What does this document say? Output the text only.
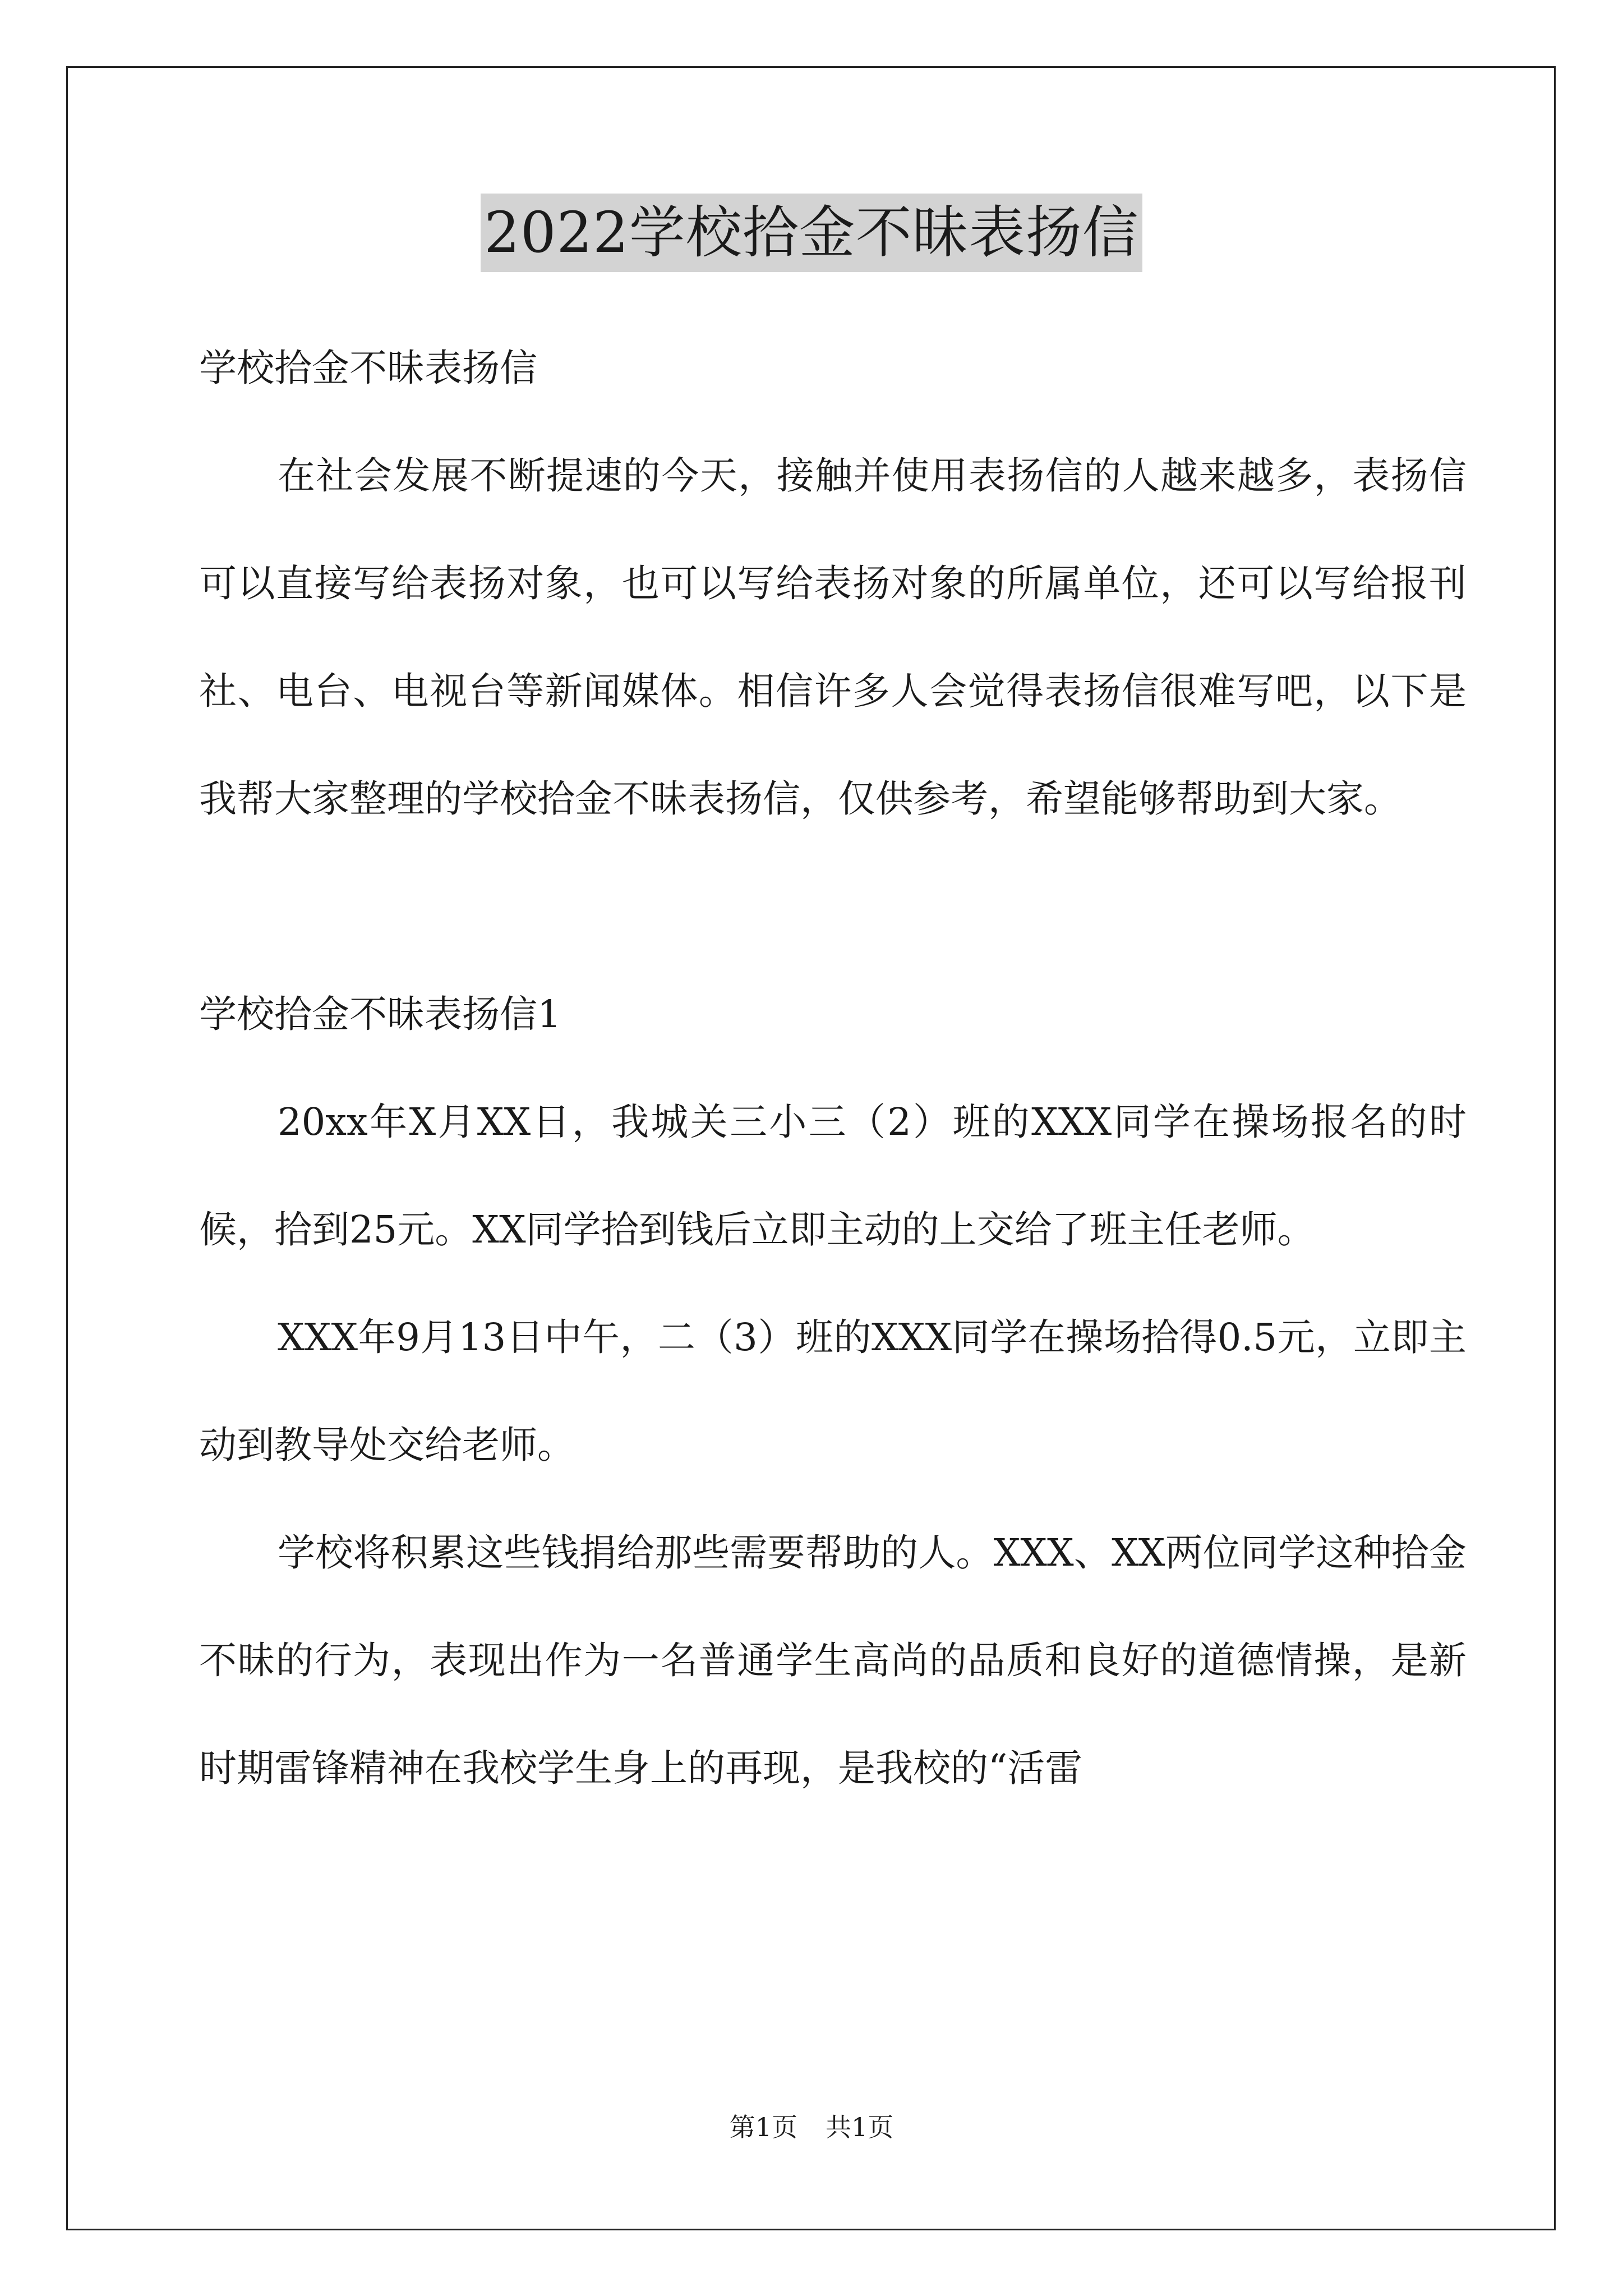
2022学校拾金不昧表扬信

学校拾金不昧表扬信

在社会发展不断提速的今天，接触并使用表扬信的人越来越多，表扬信可以直接写给表扬对象，也可以写给表扬对象的所属单位，还可以写给报刊社、电台、电视台等新闻媒体。相信许多人会觉得表扬信很难写吧，以下是我帮大家整理的学校拾金不昧表扬信，仅供参考，希望能够帮助到大家。

学校拾金不昧表扬信1

20xx年X月XX日，我城关三小三（2）班的XXX同学在操场报名的时候，拾到25元。XX同学拾到钱后立即主动的上交给了班主任老师。

XXX年9月13日中午，二（3）班的XXX同学在操场拾得0.5元，立即主动到教导处交给老师。

学校将积累这些钱捐给那些需要帮助的人。XXX、XX两位同学这种拾金不昧的行为，表现出作为一名普通学生高尚的品质和良好的道德情操，是新时期雷锋精神在我校学生身上的再现，是我校的“活雷

第1页 共1页
